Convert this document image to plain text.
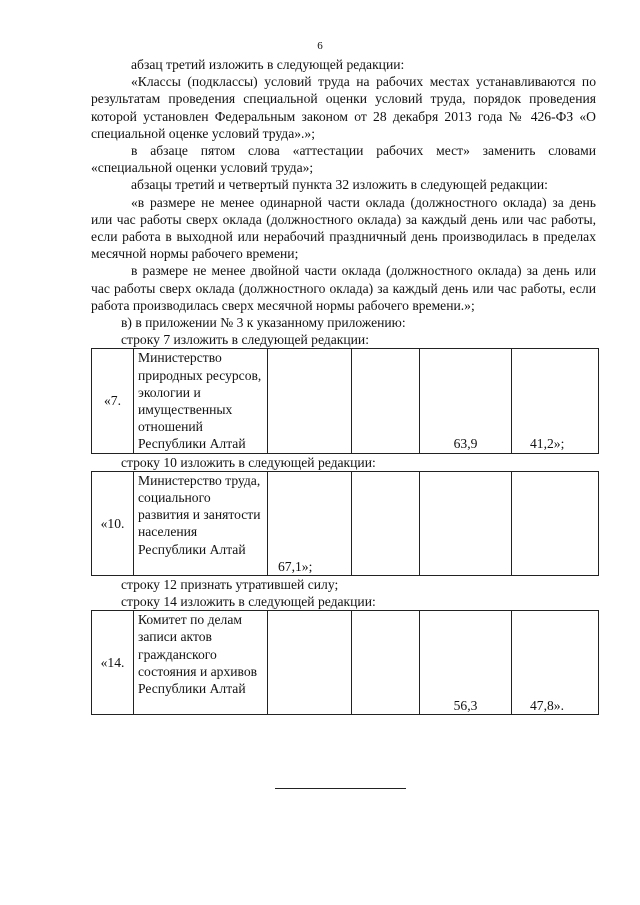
6

абзац третий изложить в следующей редакции:

«Классы (подклассы) условий труда на рабочих местах устанавливаются по результатам проведения специальной оценки условий труда, порядок проведения которой установлен Федеральным законом от 28 декабря 2013 года № 426-ФЗ «О специальной оценке условий труда».»;

в абзаце пятом слова «аттестации рабочих мест» заменить словами «специальной оценки условий труда»;

абзацы третий и четвертый пункта 32 изложить в следующей редакции:

«в размере не менее одинарной части оклада (должностного оклада) за день или час работы сверх оклада (должностного оклада) за каждый день или час работы, если работа в выходной или нерабочий праздничный день производилась в пределах месячной нормы рабочего времени;

в размере не менее двойной части оклада (должностного оклада) за день или час работы сверх оклада (должностного оклада) за каждый день или час работы, если работа производилась сверх месячной нормы рабочего времени.»;

в) в приложении № 3 к указанному приложению:

строку 7 изложить в следующей редакции:

«7.	Министерство природных ресурсов, экологии и имущественных отношений Республики Алтай			63,9	41,2»;

строку 10 изложить в следующей редакции:

«10.	Министерство труда, социального развития и занятости населения Республики Алтай	67,1»;			

строку 12 признать утратившей силу;

строку 14 изложить в следующей редакции:

«14.	Комитет по делам записи актов гражданского состояния и архивов Республики Алтай			56,3	47,8».
